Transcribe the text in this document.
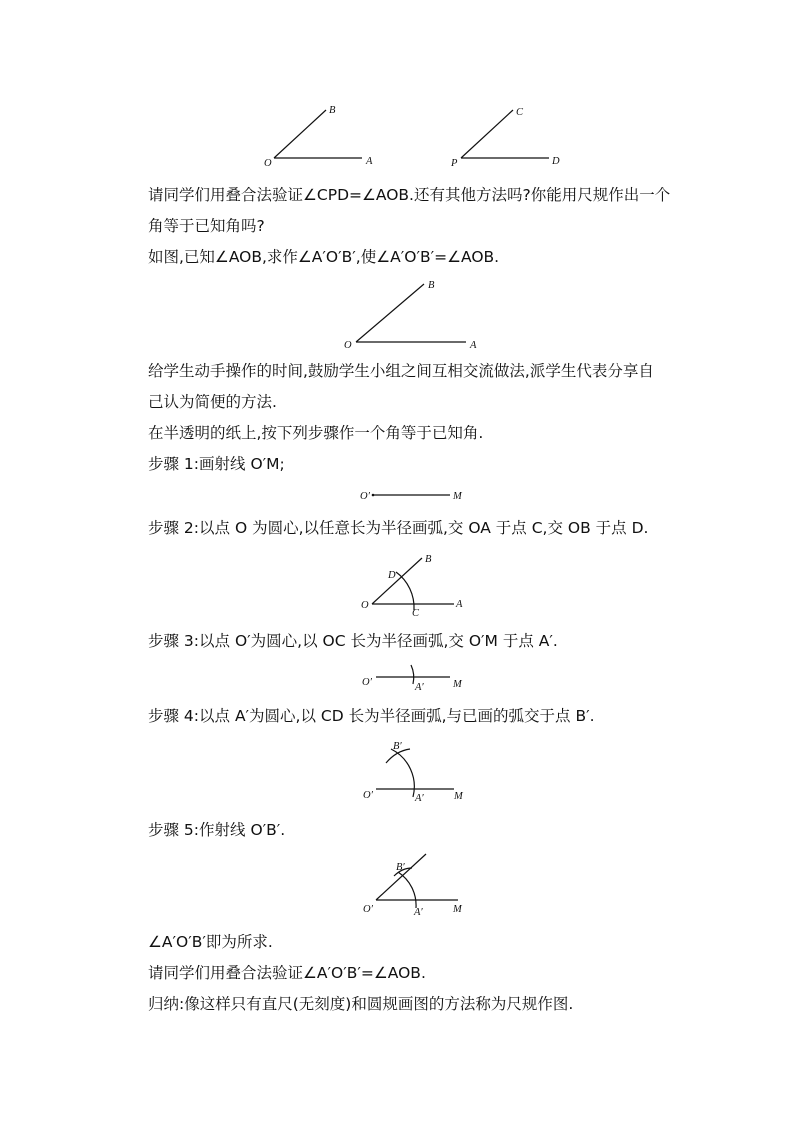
O	A
B
P	D
C

请同学们用叠合法验证∠CPD=∠AOB.还有其他方法吗?你能用尺规作出一个

角等于已知角吗?

如图,已知∠AOB,求作∠A′O′B′,使∠A′O′B′=∠AOB.

O	A
B

给学生动手操作的时间,鼓励学生小组之间互相交流做法,派学生代表分享自

己认为简便的方法.

在半透明的纸上,按下列步骤作一个角等于已知角.

步骤 1:画射线 O′M;

O′	M

步骤 2:以点 O 为圆心,以任意长为半径画弧,交 OA 于点 C,交 OB 于点 D.

O	A
B
D
C

步骤 3:以点 O′为圆心,以 OC 长为半径画弧,交 O′M 于点 A′.

O′	A′	M

步骤 4:以点 A′为圆心,以 CD 长为半径画弧,与已画的弧交于点 B′.

O′	A′	M
B′

步骤 5:作射线 O′B′.

O′	A′	M
B′

∠A′O′B′即为所求.

请同学们用叠合法验证∠A′O′B′=∠AOB.

归纳:像这样只有直尺(无刻度)和圆规画图的方法称为尺规作图.
